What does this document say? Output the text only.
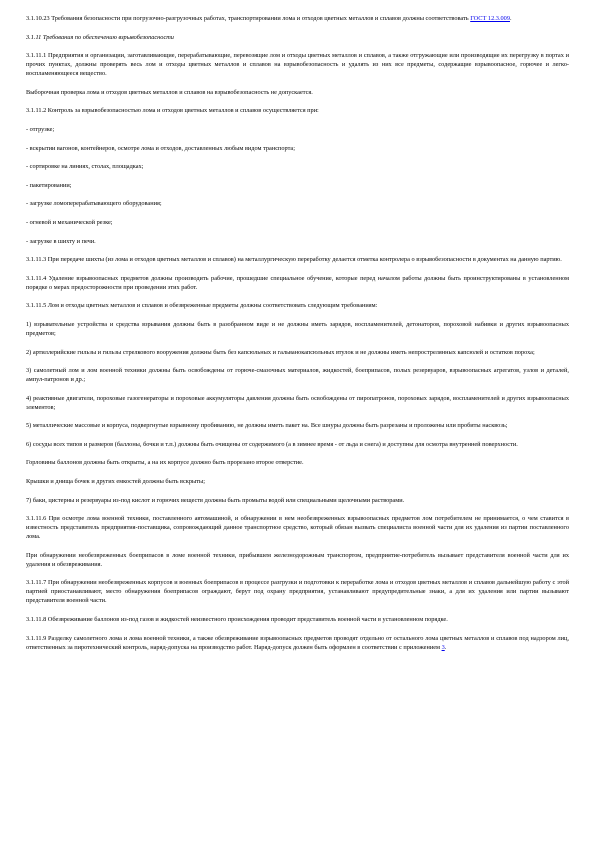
3.1.10.23 Требования безопасности при погрузочно-разгрузочных работах, транспортировании лома и отходов цветных металлов и сплавов должны соответствовать ГОСТ 12.3.009.

3.1.11 Требования по обеспечению взрывобезопасности

3.1.11.1 Предприятия и организации, заготавливающие, перерабатывающие, перевозящие лом и отходы цветных металлов и сплавов, а также отгружающие или производящие их перегрузку в портах и прочих пунктах, должны проверять весь лом и отходы цветных металлов и сплавов на взрывобезопасность и удалять из них все предметы, содержащие взрывоопасное, горючее и легко-воспламеняющееся вещество.

Выборочная проверка лома и отходов цветных металлов и сплавов на взрывобезопасность не допускается.

3.1.11.2 Контроль за взрывобезопасностью лома и отходов цветных металлов и сплавов осуществляется при:

- отгрузке;

- вскрытии вагонов, контейнеров, осмотре лома и отходов, доставленных любым видом транспорта;

- сортировке на линиях, столах, площадках;

- пакетировании;

- загрузке ломоперерабатывающего оборудования;

- огневой и механической резке;

- загрузке в шихту и печи.

3.1.11.3 При передаче шихты (из лома и отходов цветных металлов и сплавов) на металлургическую переработку делается отметка контролера о взрывобезопасности в документах на данную партию.

3.1.11.4 Удаление взрывоопасных предметов должны производить рабочие, прошедшие специальное обучение, которые перед началом работы должны быть проинструктированы в установленном порядке о мерах предосторожности при проведении этих работ.

3.1.11.5 Лом и отходы цветных металлов и сплавов и обезвреженные предметы должны соответствовать следующим требованиям:

1) взрывательные устройства и средства взрывания должны быть в разобранном виде и не должны иметь зарядов, воспламенителей, детонаторов, пороховой набивки и других взрывоопасных предметов;

2) артиллерийские гильзы и гильзы стрелкового вооружения должны быть без капсюльных и гальванокапсюльных втулок и не должны иметь непрострелянных капсюлей и остатков пороха;

3) самолетный лом и лом военной техники должны быть освобождены от горюче-смазочных материалов, жидкостей, боеприпасов, полых резервуаров, взрывоопасных агрегатов, узлов и деталей, ампул-патронов и др.;

4) реактивные двигатели, пороховые газогенераторы и пороховые аккумуляторы давления должны быть освобождены от пиропатронов, пороховых зарядов, воспламенителей и других взрывоопасных элементов;

5) металлические массовые и корпуса, подвергнутые взрывному пробиванию, не должны иметь пакет на. Все шнуры должны быть разрезаны и проложены или пробиты насквозь;

6) сосуды всех типов и размеров (баллоны, бочки и т.п.) должны быть очищены от содержимого (а в зимнее время - от льда и снега) и доступны для осмотра внутренней поверхности.

Горловины баллонов должны быть открыты, а на их корпусе должно быть прорезано второе отверстие.

Крышки и днища бочек и других емкостей должны быть вскрыты;

7) баки, цистерны и резервуары из-под кислот и горючих веществ должны быть промыты водой или специальными щелочными растворами.

3.1.11.6 При осмотре лома военной техники, поставленного автомашиной, и обнаружении в нем необезвреженных взрывоопасных предметов лом потребителем не принимается, о чем ставится в известность представитель предприятия-поставщика, сопровождающий данное транспортное средство, который обязан вызвать специалиста военной части для их удаления из партии поставленного лома.

При обнаружении необезвреженных боеприпасов в ломе военной техники, прибывшем железнодорожным транспортом, предприятие-потребитель вызывает представителя военной части для их удаления и обезвреживания.

3.1.11.7 При обнаружении необезвреженных корпусов и военных боеприпасов в процессе разгрузки и подготовки к переработке лома и отходов цветных металлов и сплавов дальнейшую работу с этой партией приостанавливают, место обнаружения боеприпасов ограждают, берут под охрану предприятия, устанавливают предупредительные знаки, а для их удаления или партии вызывают представителя военной части.

3.1.11.8 Обезвреживание баллонов из-под газов и жидкостей неизвестного происхождения проводит представитель военной части в установленном порядке.

3.1.11.9 Разделку самолетного лома и лома военной техники, а также обезвреживание взрывоопасных предметов проводят отдельно от остального лома цветных металлов и сплавов под надзором лиц, ответственных за пиротехнический контроль, наряд-допуска на производство работ. Наряд-допуск должен быть оформлен в соответствии с приложением 3.
